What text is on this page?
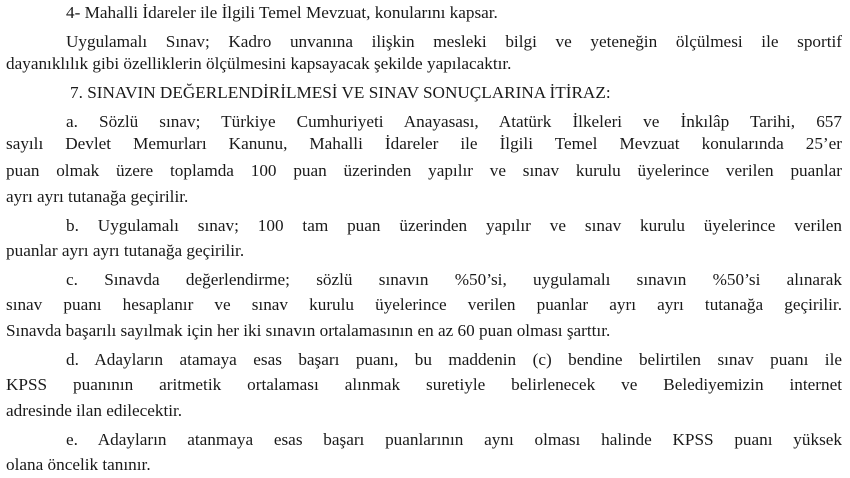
4- Mahalli İdareler ile İlgili Temel Mevzuat, konularını kapsar.
Uygulamalı Sınav; Kadro unvanına ilişkin mesleki bilgi ve yeteneğin ölçülmesi ile sportif
dayanıklılık gibi özelliklerin ölçülmesini kapsayacak şekilde yapılacaktır.
7. SINAVIN DEĞERLENDİRİLMESİ VE SINAV SONUÇLARINA İTİRAZ:
a. Sözlü sınav; Türkiye Cumhuriyeti Anayasası, Atatürk İlkeleri ve İnkılâp Tarihi, 657
sayılı Devlet Memurları Kanunu, Mahalli İdareler ile İlgili Temel Mevzuat konularında 25’er
puan olmak üzere toplamda 100 puan üzerinden yapılır ve sınav kurulu üyelerince verilen puanlar
ayrı ayrı tutanağa geçirilir.
b. Uygulamalı sınav; 100 tam puan üzerinden yapılır ve sınav kurulu üyelerince verilen
puanlar ayrı ayrı tutanağa geçirilir.
c. Sınavda değerlendirme; sözlü sınavın %50’si, uygulamalı sınavın %50’si alınarak
sınav puanı hesaplanır ve sınav kurulu üyelerince verilen puanlar ayrı ayrı tutanağa geçirilir.
Sınavda başarılı sayılmak için her iki sınavın ortalamasının en az 60 puan olması şarttır.
d. Adayların atamaya esas başarı puanı, bu maddenin (c) bendine belirtilen sınav puanı ile
KPSS puanının aritmetik ortalaması alınmak suretiyle belirlenecek ve Belediyemizin internet
adresinde ilan edilecektir.
e. Adayların atanmaya esas başarı puanlarının aynı olması halinde KPSS puanı yüksek
olana öncelik tanınır.
